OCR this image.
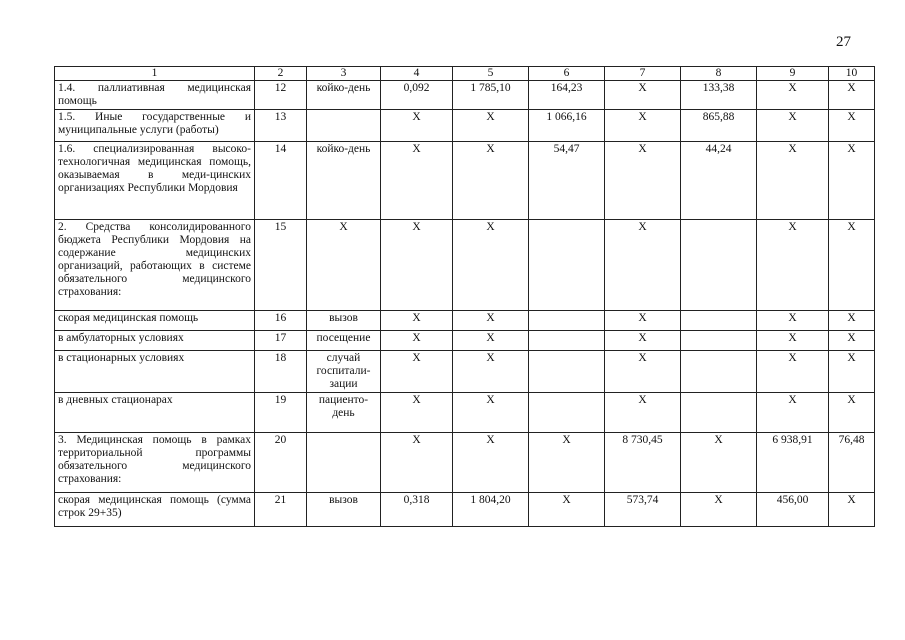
27
1	2	3	4	5	6	7	8	9	10
1.4. паллиативная медицинская помощь	12	койко-день	0,092	1 785,10	164,23	X	133,38	X	X
1.5. Иные государственные и муниципальные услуги (работы)	13		X	X	1 066,16	X	865,88	X	X
1.6. специализированная высоко-технологичная медицинская помощь, оказываемая в меди-цинских организациях Республики Мордовия	14	койко-день	X	X	54,47	X	44,24	X	X
2. Средства консолидированного бюджета Республики Мордовия на содержание медицинских организаций, работающих в системе обязательного медицинского страхования:	15	X	X	X		X		X	X
скорая медицинская помощь	16	вызов	X	X		X		X	X
в амбулаторных условиях	17	посещение	X	X		X		X	X
в стационарных условиях	18	случай госпитали-зации	X	X		X		X	X
в дневных стационарах	19	пациенто-день	X	X		X		X	X
3. Медицинская помощь в рамках территориальной программы обязательного медицинского страхования:	20		X	X	X	8 730,45	X	6 938,91	76,48
скорая медицинская помощь (сумма строк 29+35)	21	вызов	0,318	1 804,20	X	573,74	X	456,00	X
